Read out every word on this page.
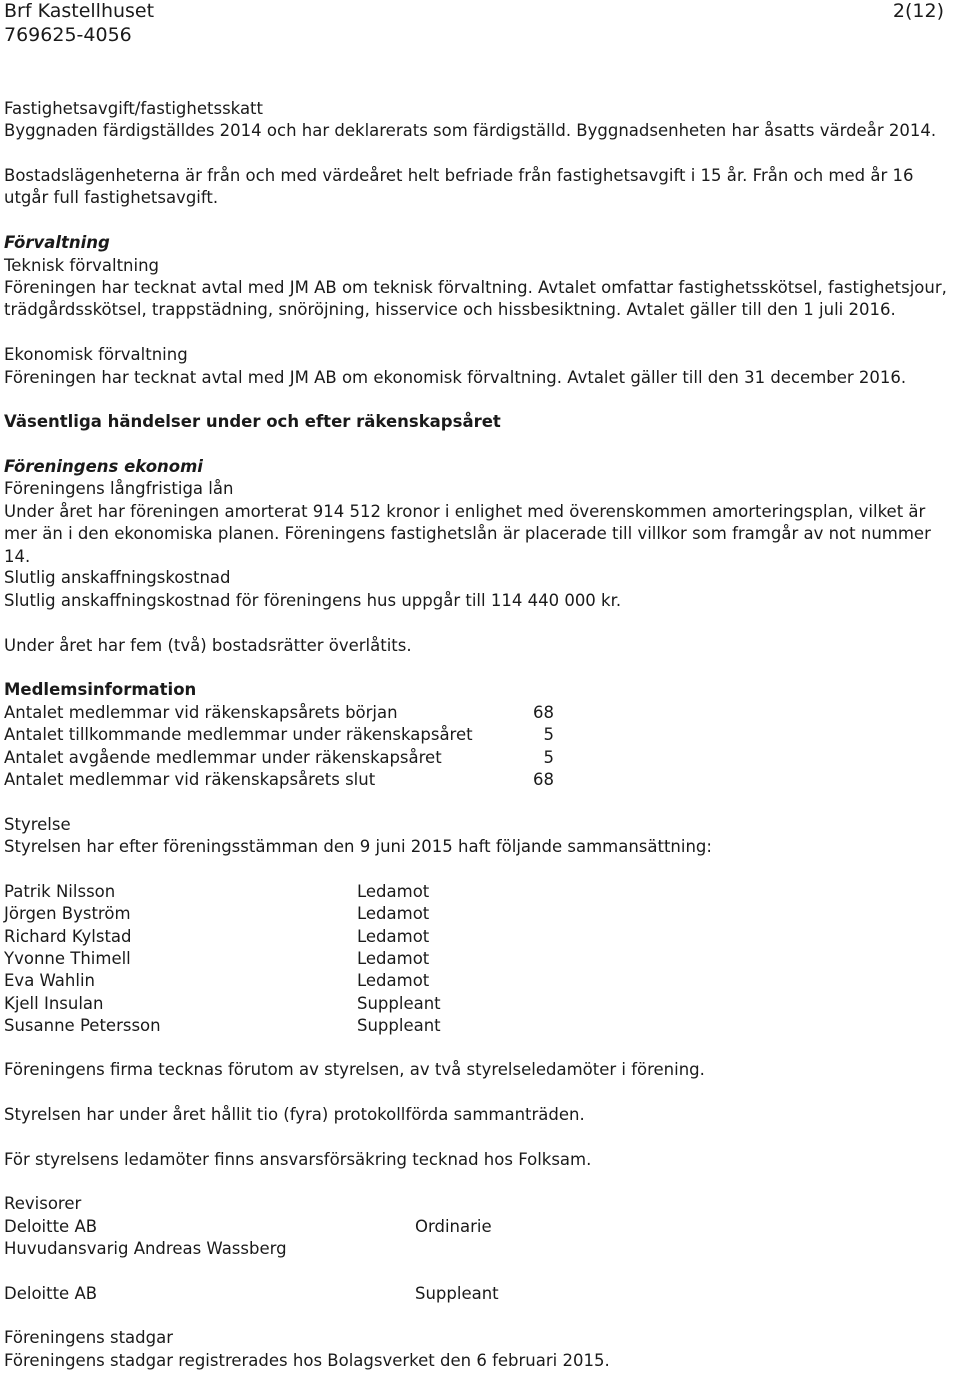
Brf Kastellhuset	2(12)
769625-4056
Fastighetsavgift/fastighetsskatt
Byggnaden färdigställdes 2014 och har deklarerats som färdigställd. Byggnadsenheten har åsatts värdeår 2014.
Bostadslägenheterna är från och med värdeåret helt befriade från fastighetsavgift i 15 år. Från och med år 16 utgår full fastighetsavgift.
Förvaltning
Teknisk förvaltning
Föreningen har tecknat avtal med JM AB om teknisk förvaltning. Avtalet omfattar fastighetsskötsel, fastighetsjour, trädgårdsskötsel, trappstädning, snöröjning, hisservice och hissbesiktning. Avtalet gäller till den 1 juli 2016.
Ekonomisk förvaltning
Föreningen har tecknat avtal med JM AB om ekonomisk förvaltning. Avtalet gäller till den 31 december 2016.
Väsentliga händelser under och efter räkenskapsåret
Föreningens ekonomi
Föreningens långfristiga lån
Under året har föreningen amorterat 914 512 kronor i enlighet med överenskommen amorteringsplan, vilket är mer än i den ekonomiska planen. Föreningens fastighetslån är placerade till villkor som framgår av not nummer 14.
Slutlig anskaffningskostnad
Slutlig anskaffningskostnad för föreningens hus uppgår till 114 440 000 kr.
Under året har fem (två) bostadsrätter överlåtits.
Medlemsinformation
Antalet medlemmar vid räkenskapsårets början	68
Antalet tillkommande medlemmar under räkenskapsåret	5
Antalet avgående medlemmar under räkenskapsåret	5
Antalet medlemmar vid räkenskapsårets slut	68
Styrelse
Styrelsen har efter föreningsstämman den 9 juni 2015 haft följande sammansättning:
Patrik Nilsson	Ledamot
Jörgen Byström	Ledamot
Richard Kylstad	Ledamot
Yvonne Thimell	Ledamot
Eva Wahlin	Ledamot
Kjell Insulan	Suppleant
Susanne Petersson	Suppleant
Föreningens firma tecknas förutom av styrelsen, av två styrelseledamöter i förening.
Styrelsen har under året hållit tio (fyra) protokollförda sammanträden.
För styrelsens ledamöter finns ansvarsförsäkring tecknad hos Folksam.
Revisorer
Deloitte AB	Ordinarie
Huvudansvarig Andreas Wassberg
Deloitte AB	Suppleant
Föreningens stadgar
Föreningens stadgar registrerades hos Bolagsverket den 6 februari 2015.
